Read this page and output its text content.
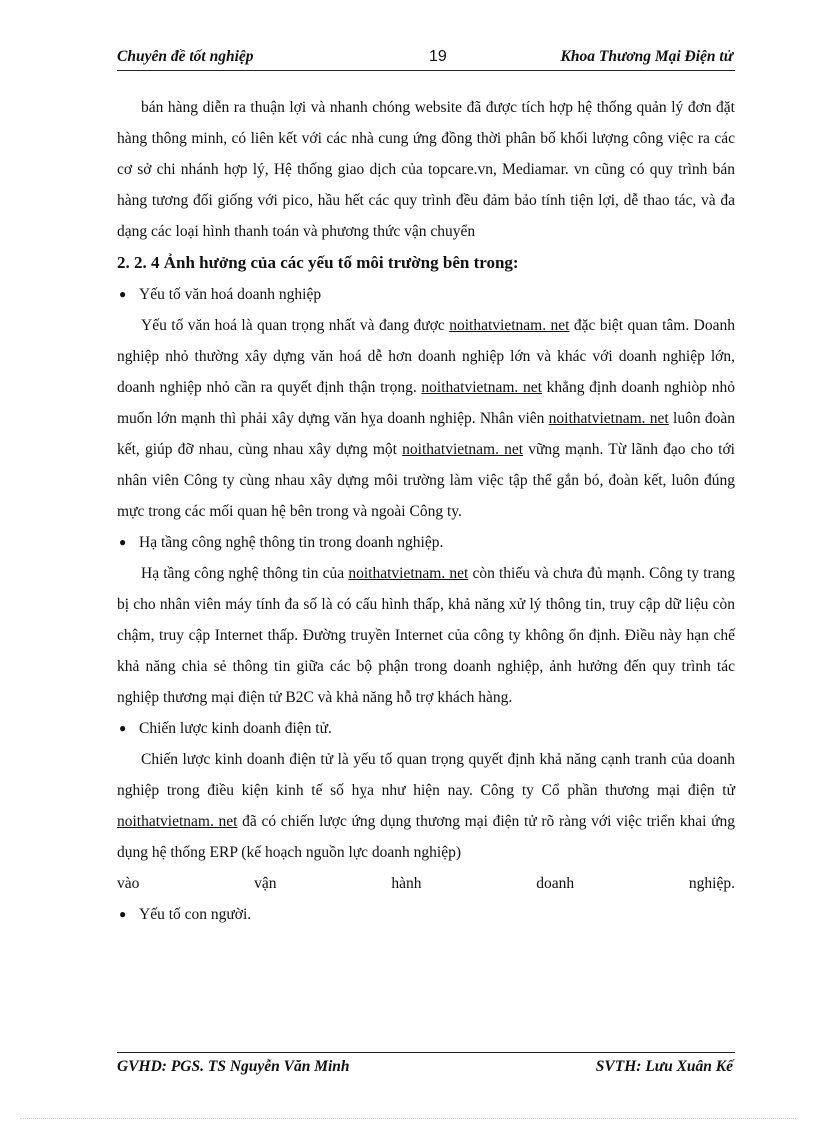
Chuyên đề tốt nghiệp	19	Khoa Thương Mại Điện tử
bán hàng diễn ra thuận lợi và nhanh chóng website đã được tích hợp hệ thống quản lý đơn đặt hàng thông minh, có liên kết với các nhà cung ứng đồng thời phân bố khối lượng công việc ra các cơ sở chi nhánh hợp lý, Hệ thống giao dịch của topcare.vn, Mediamar. vn cũng có quy trình bán hàng tương đối giống với pico, hầu hết các quy trình đều đảm bảo tính tiện lợi, dễ thao tác, và đa dạng các loại hình thanh toán và phương thức vận chuyển
2. 2. 4 Ảnh hưởng của các yếu tố môi trường bên trong:
● Yếu tố văn hoá doanh nghiệp
Yếu tố văn hoá là quan trọng nhất và đang được noithatvietnam. net đặc biệt quan tâm. Doanh nghiệp nhỏ thường xây dựng văn hoá dễ hơn doanh nghiệp lớn và khác với doanh nghiệp lớn, doanh nghiệp nhỏ cần ra quyết định thận trọng. noithatvietnam. net khẳng định doanh nghiòp nhỏ muốn lớn mạnh thì phải xây dựng văn hỵa doanh nghiệp. Nhân viên noithatvietnam. net luôn đoàn kết, giúp đỡ nhau, cùng nhau xây dựng một noithatvietnam. net vững mạnh. Từ lãnh đạo cho tới nhân viên Công ty cùng nhau xây dựng môi trường làm việc tập thể gắn bó, đoàn kết, luôn đúng mực trong các mối quan hệ bên trong và ngoài Công ty.
● Hạ tầng công nghệ thông tin trong doanh nghiệp.
Hạ tầng công nghệ thông tin của noithatvietnam. net còn thiếu và chưa đủ mạnh. Công ty trang bị cho nhân viên máy tính đa số là có cấu hình thấp, khả năng xử lý thông tin, truy cập dữ liệu còn chậm, truy cập Internet thấp. Đường truyền Internet của công ty không ổn định. Điều này hạn chế khả năng chia sẻ thông tin giữa các bộ phận trong doanh nghiệp, ảnh hưởng đến quy trình tác nghiệp thương mại điện tử B2C và khả năng hỗ trợ khách hàng.
● Chiến lược kinh doanh điện tử.
Chiến lược kinh doanh điện tử là yếu tố quan trọng quyết định khả năng cạnh tranh của doanh nghiệp trong điều kiện kinh tế số hỵa như hiện nay. Công ty Cổ phần thương mại điện tử noithatvietnam. net đã có chiến lược ứng dụng thương mại điện tử rõ ràng với việc triển khai ứng dụng hệ thống ERP (kế hoạch nguồn lực doanh nghiệp)
vào vận hành doanh nghiệp.
● Yếu tố con người.
GVHD: PGS. TS Nguyễn Văn Minh	SVTH: Lưu Xuân Kế
